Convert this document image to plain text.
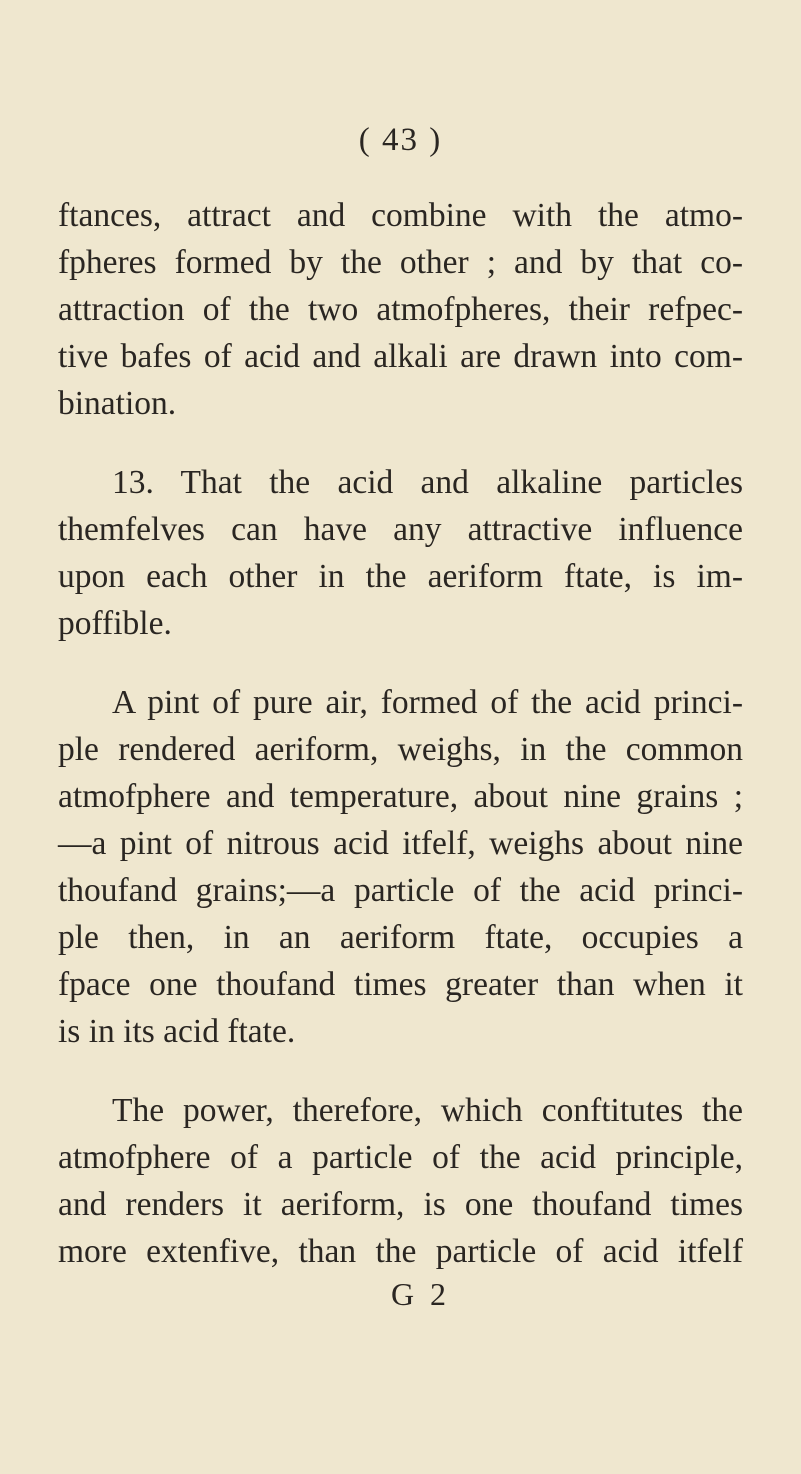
( 43 )
ftances, attract and combine with the atmo-
fpheres formed by the other ; and by that co-
attraction of the two atmofpheres, their refpec-
tive bafes of acid and alkali are drawn into com-
bination.
13. That the acid and alkaline particles
themfelves can have any attractive influence
upon each other in the aeriform ftate, is im-
poffible.
A pint of pure air, formed of the acid princi-
ple rendered aeriform, weighs, in the common
atmofphere and temperature, about nine grains ;
—a pint of nitrous acid itfelf, weighs about nine
thoufand grains;—a particle of the acid princi-
ple then, in an aeriform ftate, occupies a
fpace one thoufand times greater than when it
is in its acid ftate.
The power, therefore, which conftitutes the
atmofphere of a particle of the acid principle,
and renders it aeriform, is one thoufand times
more extenfive, than the particle of acid itfelf
G 2
